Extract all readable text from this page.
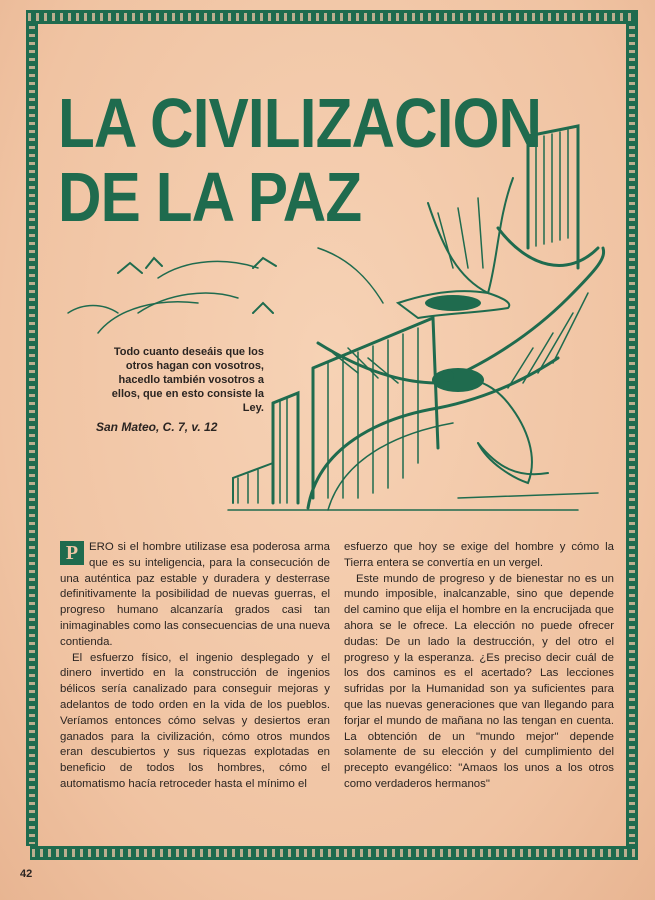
LA CIVILIZACION
DE LA PAZ

Todo cuanto deseáis que los otros hagan con vosotros, hacedlo también vosotros a ellos, que en esto consiste la Ley.

San Mateo, C. 7, v. 12

P ERO si el hombre utilizase esa poderosa arma que es su inteligencia, para la consecución de una auténtica paz estable y duradera y desterrase definitivamente la posibilidad de nuevas guerras, el progreso humano alcanzaría grados casi tan inimaginables como las consecuencias de una nueva contienda.

El esfuerzo físico, el ingenio desplegado y el dinero invertido en la construcción de ingenios bélicos sería canalizado para conseguir mejoras y adelantos de todo orden en la vida de los pueblos. Veríamos entonces cómo selvas y desiertos eran ganados para la civilización, cómo otros mundos eran descubiertos y sus riquezas explotadas en beneficio de todos los hombres, cómo el automatismo hacía retroceder hasta el mínimo el

esfuerzo que hoy se exige del hombre y cómo la Tierra entera se convertía en un vergel.

Este mundo de progreso y de bienestar no es un mundo imposible, inalcanzable, sino que depende del camino que elija el hombre en la encrucijada que ahora se le ofrece. La elección no puede ofrecer dudas: De un lado la destrucción, y del otro el progreso y la esperanza. ¿Es preciso decir cuál de los dos caminos es el acertado? Las lecciones sufridas por la Humanidad son ya suficientes para que las nuevas generaciones que van llegando para forjar el mundo de mañana no las tengan en cuenta. La obtención de un "mundo mejor" depende solamente de su elección y del cumplimiento del precepto evangélico: "Amaos los unos a los otros como verdaderos hermanos"

42
